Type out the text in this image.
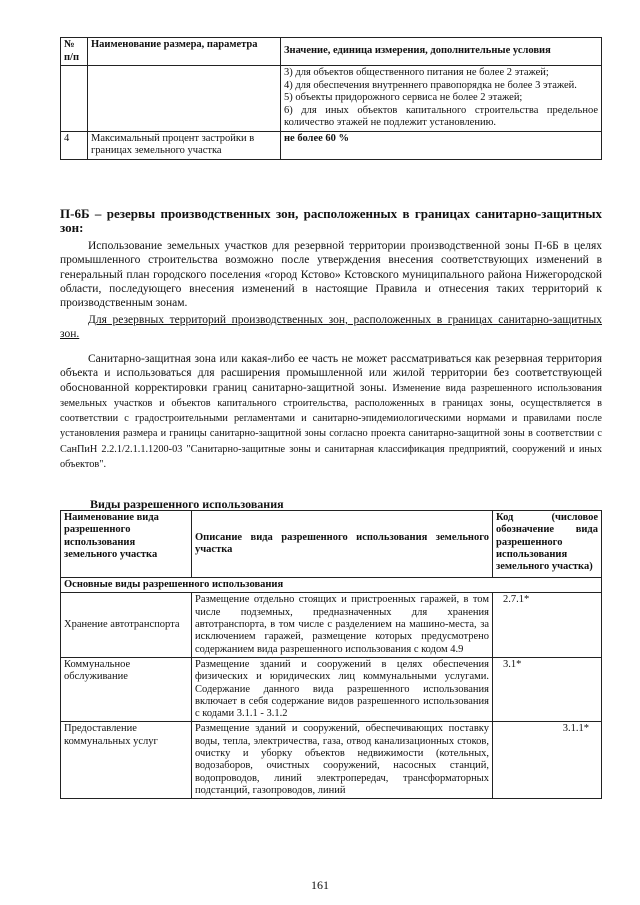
№ п/п	Наименование размера, параметра	Значение, единица измерения, дополнительные условия

		3) для объектов общественного питания не более 2 этажей;
4) для обеспечения внутреннего правопорядка не более 3 этажей.
5) объекты придорожного сервиса не более 2 этажей;
6) для иных объектов капитального строительства предельное количество этажей не подлежит установлению.

4	Максимальный процент застройки в границах земельного участка	не более 60 %
П-6Б – резервы производственных зон, расположенных в границах санитарно-защитных зон:

Использование земельных участков для резервной территории производственной зоны П-6Б в целях промышленного строительства возможно после утверждения внесения соответствующих изменений в генеральный план городского поселения «город Кстово» Кстовского муниципального района Нижегородской области, последующего внесения изменений в настоящие Правила и отнесения таких территорий к производственным зонам.

Для резервных территорий производственных зон, расположенных в границах санитарно-защитных зон.

Санитарно-защитная зона или какая-либо ее часть не может рассматриваться как резервная территория объекта и использоваться для расширения промышленной или жилой территории без соответствующей обоснованной корректировки границ санитарно-защитной зоны. Изменение вида разрешенного использования земельных участков и объектов капитального строительства, расположенных в границах зоны, осуществляется в соответствии с градостроительными регламентами и санитарно-эпидемиологическими нормами и правилами после установления размера и границы санитарно-защитной зоны согласно проекта санитарно-защитной зоны в соответствии с СанПиН 2.2.1/2.1.1.1200-03 "Санитарно-защитные зоны и санитарная классификация предприятий, сооружений и иных объектов".

Виды разрешенного использования
Наименование вида разрешенного использования земельного участка	Описание вида разрешенного использования земельного участка	Код (числовое обозначение вида разрешенного использования земельного участка)
Основные виды разрешенного использования		
Хранение автотранспорта	Размещение отдельно стоящих и пристроенных гаражей, в том числе подземных, предназначенных для хранения автотранспорта, в том числе с разделением на машино-места, за исключением гаражей, размещение которых предусмотрено содержанием вида разрешенного использования с кодом 4.9	2.7.1*
Коммунальное обслуживание	Размещение зданий и сооружений в целях обеспечения физических и юридических лиц коммунальными услугами. Содержание данного вида разрешенного использования включает в себя содержание видов разрешенного использования с кодами 3.1.1 - 3.1.2	3.1*
Предоставление коммунальных услуг	Размещение зданий и сооружений, обеспечивающих поставку воды, тепла, электричества, газа, отвод канализационных стоков, очистку и уборку объектов недвижимости (котельных, водозаборов, очистных сооружений, насосных станций, водопроводов, линий электропередач, трансформаторных подстанций, газопроводов, линий	3.1.1*
161
